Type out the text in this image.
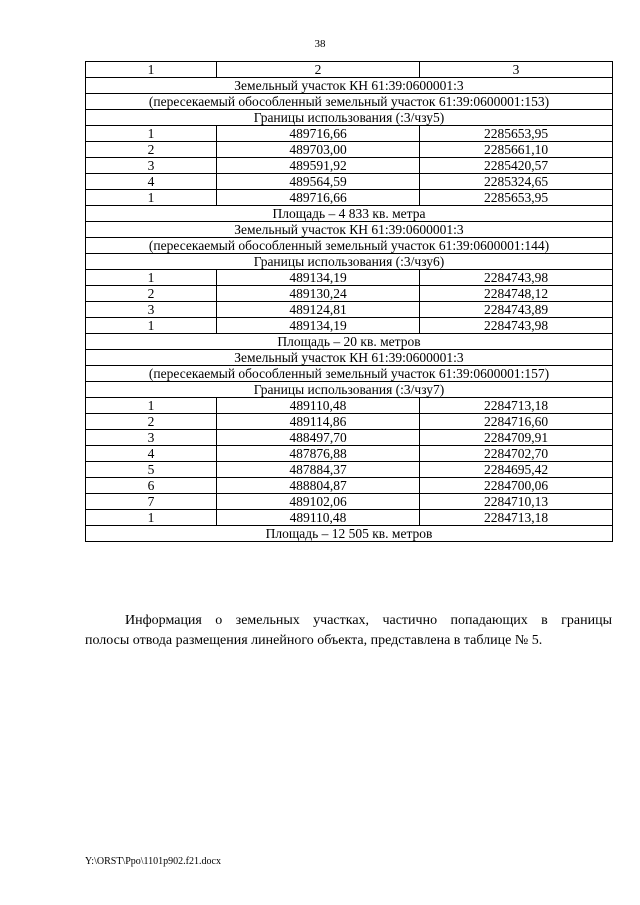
38
1	2	3
Земельный участок КН 61:39:0600001:3		
(пересекаемый обособленный земельный участок 61:39:0600001:153)		
Границы использования (:3/чзу5)		
1	489716,66	2285653,95
2	489703,00	2285661,10
3	489591,92	2285420,57
4	489564,59	2285324,65
1	489716,66	2285653,95
Площадь – 4 833 кв. метра		
Земельный участок КН 61:39:0600001:3		
(пересекаемый обособленный земельный участок 61:39:0600001:144)		
Границы использования (:3/чзу6)		
1	489134,19	2284743,98
2	489130,24	2284748,12
3	489124,81	2284743,89
1	489134,19	2284743,98
Площадь – 20 кв. метров		
Земельный участок КН 61:39:0600001:3		
(пересекаемый обособленный земельный участок 61:39:0600001:157)		
Границы использования (:3/чзу7)		
1	489110,48	2284713,18
2	489114,86	2284716,60
3	488497,70	2284709,91
4	487876,88	2284702,70
5	487884,37	2284695,42
6	488804,87	2284700,06
7	489102,06	2284710,13
1	489110,48	2284713,18
Площадь – 12 505 кв. метров		
Информация о земельных участках, частично попадающих в границы
полосы отвода размещения линейного объекта, представлена в таблице № 5.
Y:\ORST\Ppo\1101p902.f21.docx
